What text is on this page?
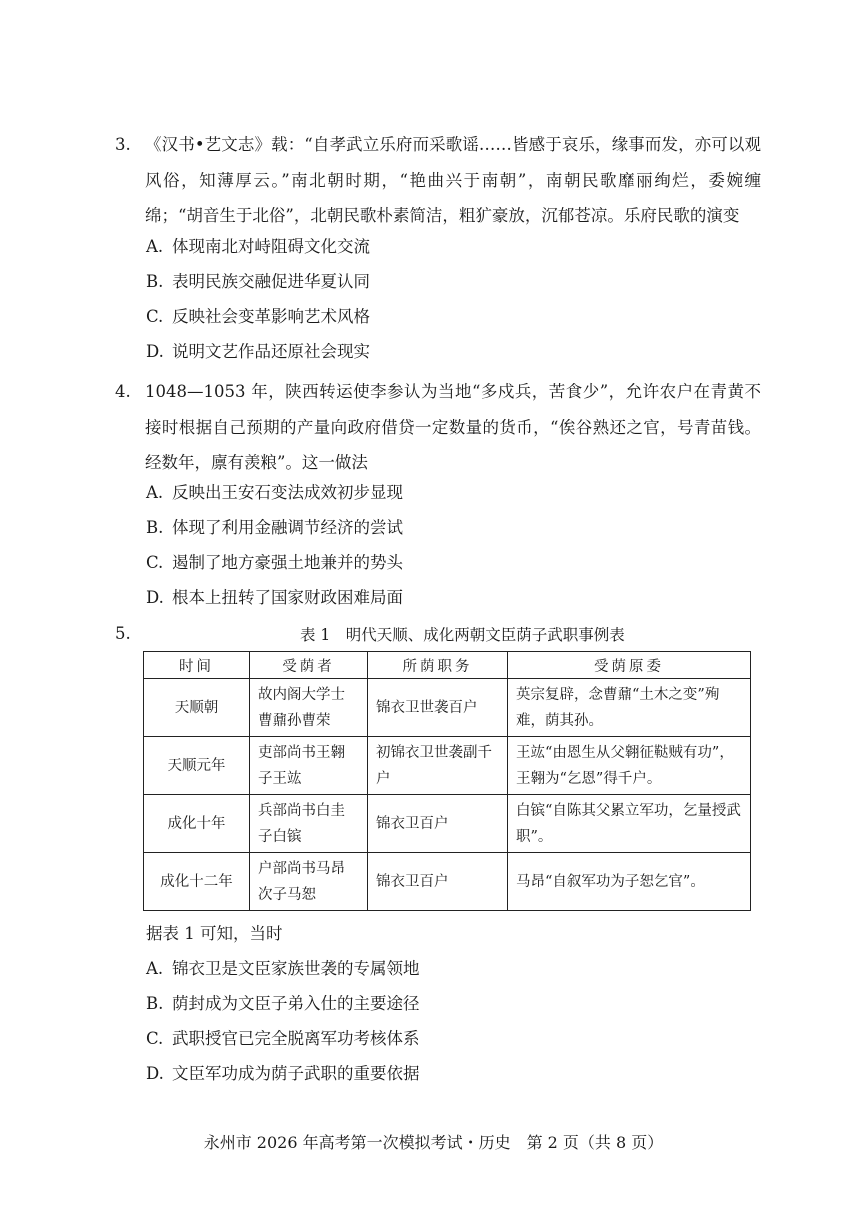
3. 《汉书•艺文志》载：“自孝武立乐府而采歌谣……皆感于哀乐，缘事而发，亦可以观风俗，知薄厚云。”南北朝时期，“艳曲兴于南朝”，南朝民歌靡丽绚烂，委婉缠绵；“胡音生于北俗”，北朝民歌朴素简洁，粗犷豪放，沉郁苍凉。乐府民歌的演变
A. 体现南北对峙阻碍文化交流
B. 表明民族交融促进华夏认同
C. 反映社会变革影响艺术风格
D. 说明文艺作品还原社会现实
4. 1048—1053 年，陕西转运使李参认为当地“多戍兵，苦食少”，允许农户在青黄不接时根据自己预期的产量向政府借贷一定数量的货币，“俟谷熟还之官，号青苗钱。经数年，廪有羡粮”。这一做法
A. 反映出王安石变法成效初步显现
B. 体现了利用金融调节经济的尝试
C. 遏制了地方豪强土地兼并的势头
D. 根本上扭转了国家财政困难局面
5.	表 1　明代天顺、成化两朝文臣荫子武职事例表
时间	受荫者	所荫职务	受荫原委
天顺朝	故内阁大学士曹鼐孙曹荣	锦衣卫世袭百户	英宗复辟，念曹鼐“土木之变”殉难，荫其孙。
天顺元年	吏部尚书王翱子王竑	初锦衣卫世袭副千户	王竑“由恩生从父翱征鞑贼有功”，王翱为“乞恩”得千户。
成化十年	兵部尚书白圭子白镔	锦衣卫百户	白镔“自陈其父累立军功，乞量授武职”。
成化十二年	户部尚书马昂次子马恕	锦衣卫百户	马昂“自叙军功为子恕乞官”。
据表 1 可知，当时
A. 锦衣卫是文臣家族世袭的专属领地
B. 荫封成为文臣子弟入仕的主要途径
C. 武职授官已完全脱离军功考核体系
D. 文臣军功成为荫子武职的重要依据
永州市 2026 年高考第一次模拟考试・历史　第 2 页（共 8 页）
